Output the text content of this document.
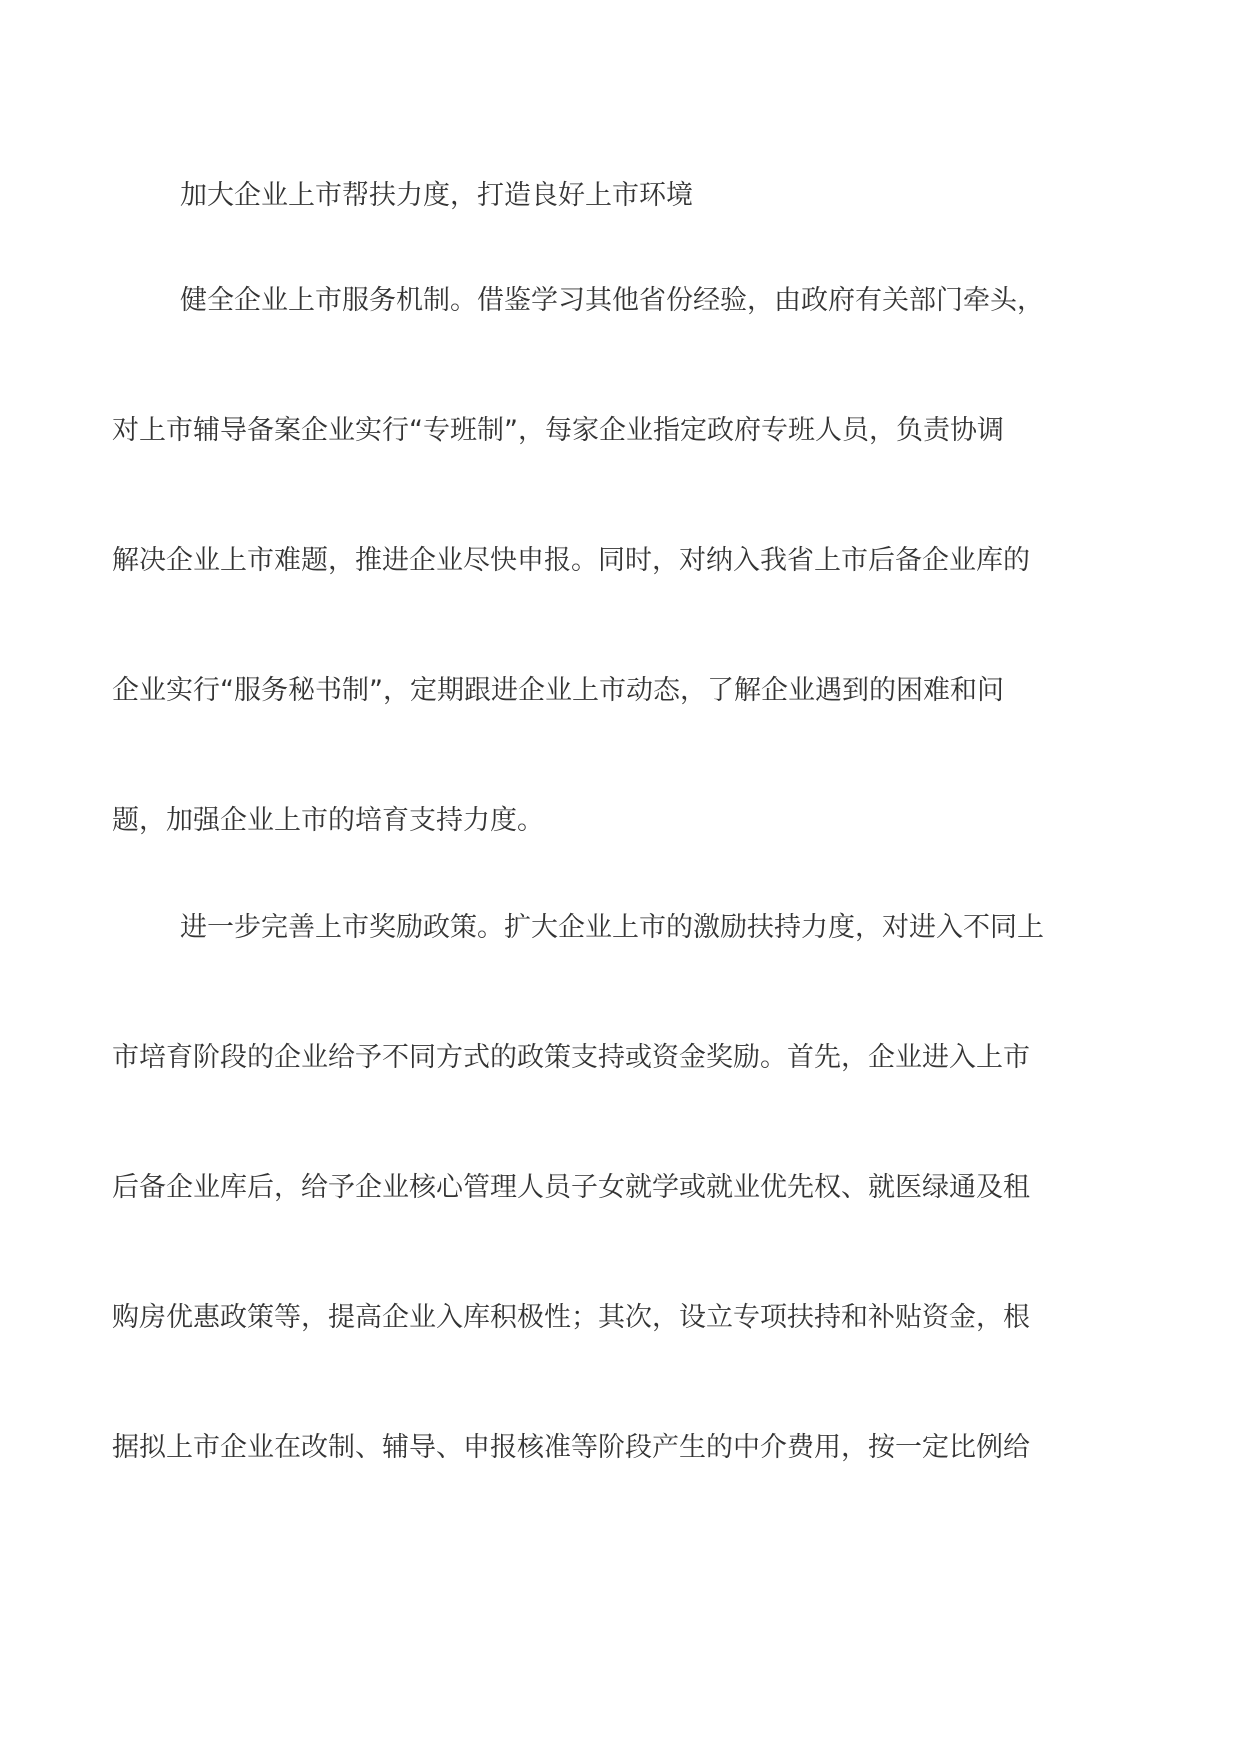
加大企业上市帮扶力度，打造良好上市环境

健全企业上市服务机制。借鉴学习其他省份经验，由政府有关部门牵头，

对上市辅导备案企业实行“专班制”，每家企业指定政府专班人员，负责协调

解决企业上市难题，推进企业尽快申报。同时，对纳入我省上市后备企业库的

企业实行“服务秘书制”，定期跟进企业上市动态，了解企业遇到的困难和问

题，加强企业上市的培育支持力度。

进一步完善上市奖励政策。扩大企业上市的激励扶持力度，对进入不同上

市培育阶段的企业给予不同方式的政策支持或资金奖励。首先，企业进入上市

后备企业库后，给予企业核心管理人员子女就学或就业优先权、就医绿通及租

购房优惠政策等，提高企业入库积极性；其次，设立专项扶持和补贴资金，根

据拟上市企业在改制、辅导、申报核准等阶段产生的中介费用，按一定比例给
